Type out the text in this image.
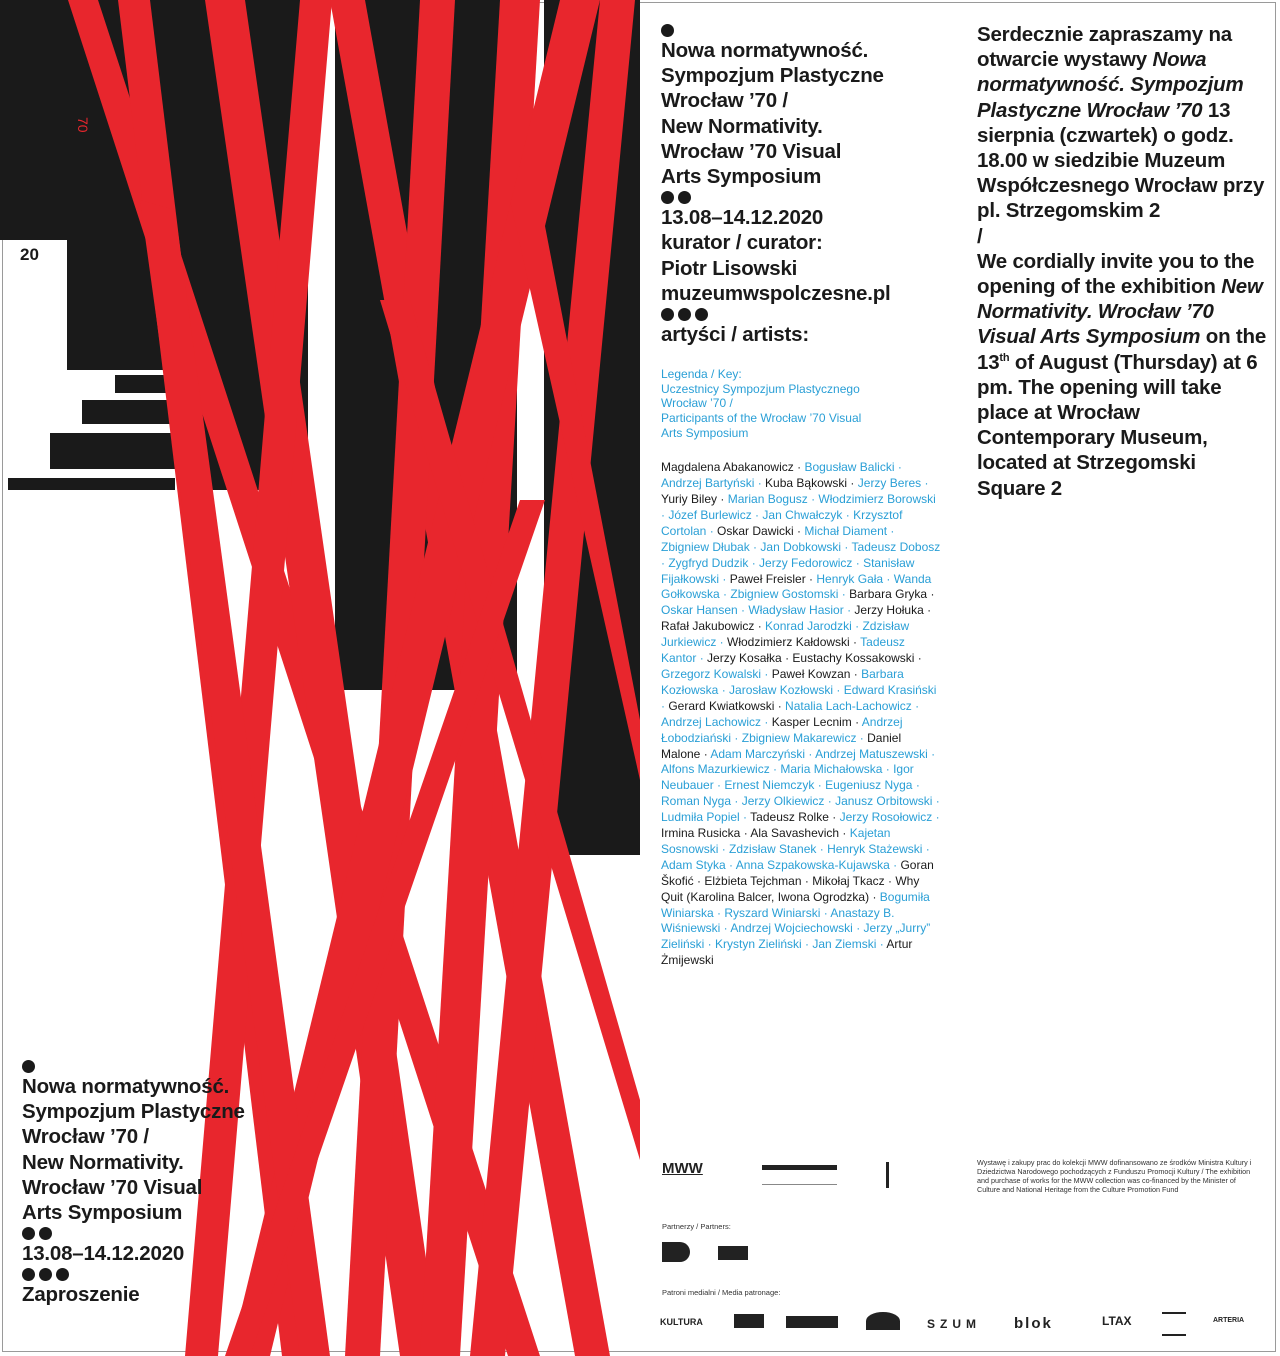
70
20
Nowa normatywność.
Sympozjum Plastyczne
Wrocław ’70 /
New Normativity.
Wrocław ’70 Visual
Arts Symposium
13.08–14.12.2020
kurator / curator:
Piotr Lisowski
muzeumwspolczesne.pl
artyści / artists:
Legenda / Key:
Uczestnicy Sympozjum Plastycznego
Wrocław ’70 /
Participants of the Wrocław ’70 Visual
Arts Symposium
Magdalena Abakanowicz · Bogusław Balicki · Andrzej Bartyński · Kuba Bąkowski · Jerzy Beres · Yuriy Biley · Marian Bogusz · Włodzimierz Borowski · Józef Burlewicz · Jan Chwałczyk · Krzysztof Cortolan · Oskar Dawicki · Michał Diament · Zbigniew Dłubak · Jan Dobkowski · Tadeusz Dobosz · Zygfryd Dudzik · Jerzy Fedorowicz · Stanisław Fijałkowski · Paweł Freisler · Henryk Gała · Wanda Gołkowska · Zbigniew Gostomski · Barbara Gryka · Oskar Hansen · Władysław Hasior · Jerzy Hołuka · Rafał Jakubowicz · Konrad Jarodzki · Zdzisław Jurkiewicz · Włodzimierz Kałdowski · Tadeusz Kantor · Jerzy Kosałka · Eustachy Kossakowski · Grzegorz Kowalski · Paweł Kowzan · Barbara Kozłowska · Jarosław Kozłowski · Edward Krasiński · Gerard Kwiatkowski · Natalia Lach-Lachowicz · Andrzej Lachowicz · Kasper Lecnim · Andrzej Łobodziański · Zbigniew Makarewicz · Daniel Malone · Adam Marczyński · Andrzej Matuszewski · Alfons Mazurkiewicz · Maria Michałowska · Igor Neubauer · Ernest Niemczyk · Eugeniusz Nyga · Roman Nyga · Jerzy Olkiewicz · Janusz Orbitowski · Ludmiła Popiel · Tadeusz Rolke · Jerzy Rosołowicz · Irmina Rusicka · Ala Savashevich · Kajetan Sosnowski · Zdzisław Stanek · Henryk Stażewski · Adam Styka · Anna Szpakowska-Kujawska · Goran Škofić · Elżbieta Tejchman · Mikołaj Tkacz · Why Quit (Karolina Balcer, Iwona Ogrodzka) · Bogumiła Winiarska · Ryszard Winiarski · Anastazy B. Wiśniewski · Andrzej Wojciechowski · Jerzy „Jurry” Zieliński · Krystyn Zieliński · Jan Ziemski · Artur Żmijewski
Serdecznie zapraszamy na otwarcie wystawy Nowa normatywność. Sympozjum Plastyczne Wrocław ’70 13 sierpnia (czwartek) o godz. 18.00 w siedzibie Muzeum Współczesnego Wrocław przy pl. Strzegomskim 2
/
We cordially invite you to the opening of the exhibition New Normativity. Wrocław ’70 Visual Arts Symposium on the 13th of August (Thursday) at 6 pm. The opening will take place at Wrocław Contemporary Museum, located at Strzegomski Square 2
Nowa normatywność.
Sympozjum Plastyczne
Wrocław ’70 /
New Normativity.
Wrocław ’70 Visual
Arts Symposium
13.08–14.12.2020
Zaproszenie
Wystawę i zakupy prac do kolekcji MWW dofinansowano ze środków Ministra Kultury i Dziedzictwa Narodowego pochodzących z Funduszu Promocji Kultury / The exhibition and purchase of works for the MWW collection was co-financed by the Minister of Culture and National Heritage from the Culture Promotion Fund
MWW
Partnerzy / Partners:
Patroni medialni / Media patronage:
KULTURA	SZUM blok	LTAX	ARTERIA
